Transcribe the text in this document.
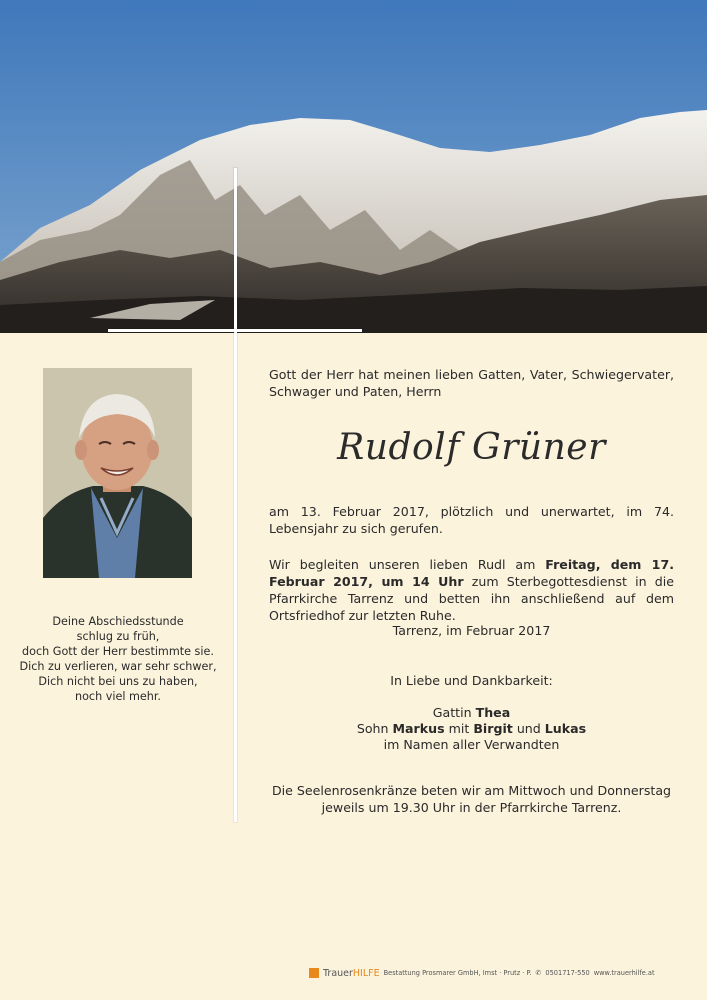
Deine Abschiedsstunde
schlug zu früh,
doch Gott der Herr bestimmte sie.
Dich zu verlieren, war sehr schwer,
Dich nicht bei uns zu haben,
noch viel mehr.
Gott der Herr hat meinen lieben Gatten, Vater, Schwiegervater, Schwager und Paten, Herrn
Rudolf Grüner
am 13. Februar 2017, plötzlich und unerwartet, im 74. Lebensjahr zu sich gerufen.
Wir begleiten unseren lieben Rudl am Freitag, dem 17. Februar 2017, um 14 Uhr zum Sterbegottesdienst in die Pfarrkirche Tarrenz und betten ihn anschließend auf dem Ortsfriedhof zur letzten Ruhe.
Tarrenz, im Februar 2017
In Liebe und Dankbarkeit:
Gattin Thea
Sohn Markus mit Birgit und Lukas
im Namen aller Verwandten
Die Seelenrosenkränze beten wir am Mittwoch und Donnerstag
jeweils um 19.30 Uhr in der Pfarrkirche Tarrenz.
Trauer HILFE Bestattung Prosmarer GmbH, Imst · Prutz · P. ✆ 0501717-550 www.trauerhilfe.at
